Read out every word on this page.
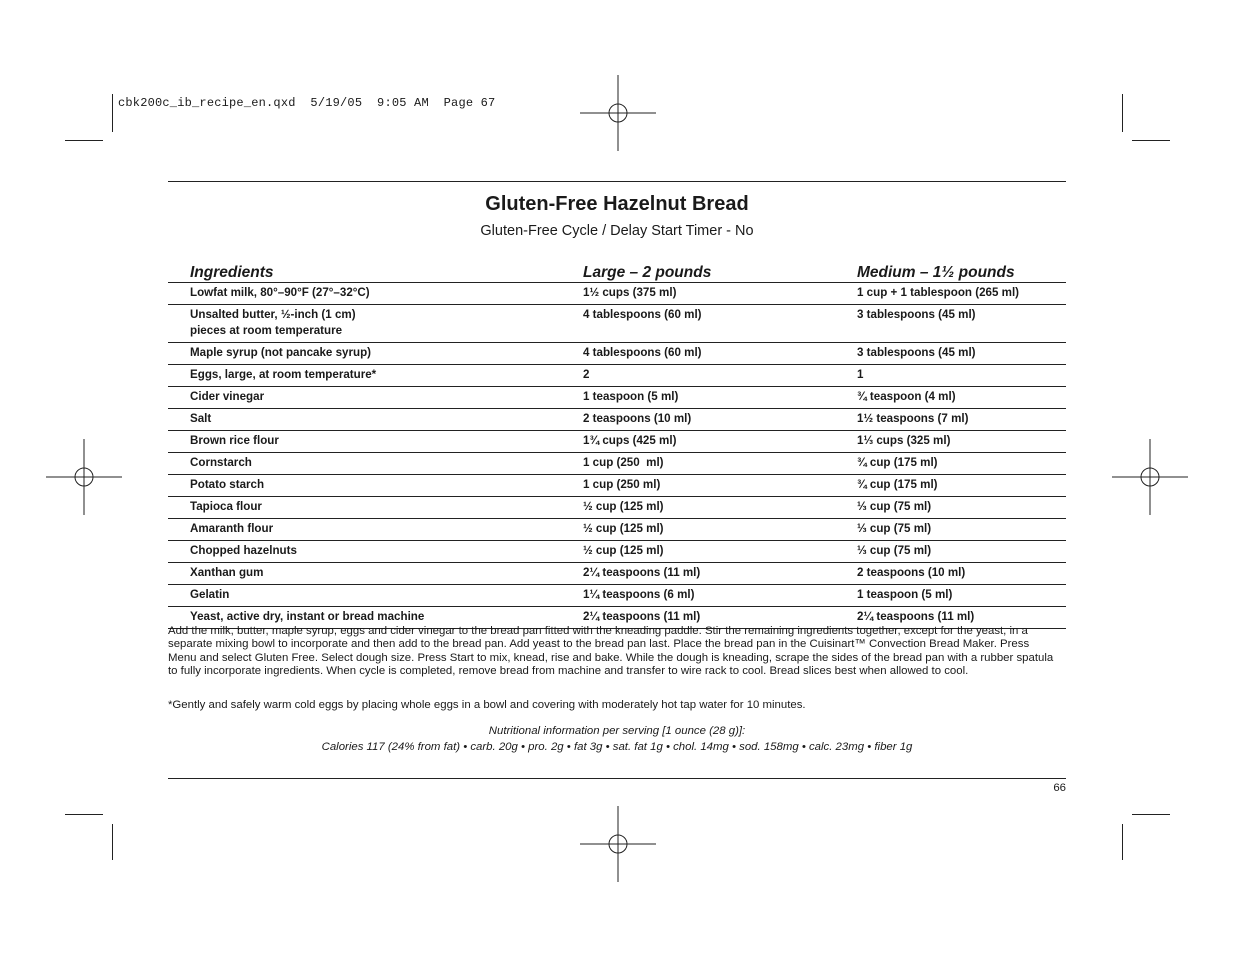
cbk200c_ib_recipe_en.qxd  5/19/05  9:05 AM  Page 67
Gluten-Free Hazelnut Bread

Gluten-Free Cycle / Delay Start Timer - No

Ingredients	Large – 2 pounds	Medium – 1½ pounds
Lowfat milk, 80°–90°F (27°–32°C)	1½ cups (375 ml)	1 cup + 1 tablespoon (265 ml)
Unsalted butter, ½-inch (1 cm)
pieces at room temperature	4 tablespoons (60 ml)	3 tablespoons (45 ml)
Maple syrup (not pancake syrup)	4 tablespoons (60 ml)	3 tablespoons (45 ml)
Eggs, large, at room temperature*	2	1
Cider vinegar	1 teaspoon (5 ml)	¾ teaspoon (4 ml)
Salt	2 teaspoons (10 ml)	1½ teaspoons (7 ml)
Brown rice flour	1¾ cups (425 ml)	1⅓ cups (325 ml)
Cornstarch	1 cup (250  ml)	¾ cup (175 ml)
Potato starch	1 cup (250 ml)	¾ cup (175 ml)
Tapioca flour	½ cup (125 ml)	⅓ cup (75 ml)
Amaranth flour	½ cup (125 ml)	⅓ cup (75 ml)
Chopped hazelnuts	½ cup (125 ml)	⅓ cup (75 ml)
Xanthan gum	2¼ teaspoons (11 ml)	2 teaspoons (10 ml)
Gelatin	1¼ teaspoons (6 ml)	1 teaspoon (5 ml)
Yeast, active dry, instant or bread machine	2¼ teaspoons (11 ml)	2¼ teaspoons (11 ml)

Add the milk, butter, maple syrup, eggs and cider vinegar to the bread pan fitted with the kneading paddle. Stir the remaining ingredients together, except for the yeast, in a separate mixing bowl to incorporate and then add to the bread pan. Add yeast to the bread pan last. Place the bread pan in the Cuisinart™ Convection Bread Maker. Press Menu and select Gluten Free. Select dough size. Press Start to mix, knead, rise and bake. While the dough is kneading, scrape the sides of the bread pan with a rubber spatula to fully incorporate ingredients. When cycle is completed, remove bread from machine and transfer to wire rack to cool. Bread slices best when allowed to cool.

*Gently and safely warm cold eggs by placing whole eggs in a bowl and covering with moderately hot tap water for 10 minutes.

Nutritional information per serving [1 ounce (28 g)]:

Calories 117 (24% from fat) • carb. 20g • pro. 2g • fat 3g • sat. fat 1g • chol. 14mg • sod. 158mg • calc. 23mg • fiber 1g

66
